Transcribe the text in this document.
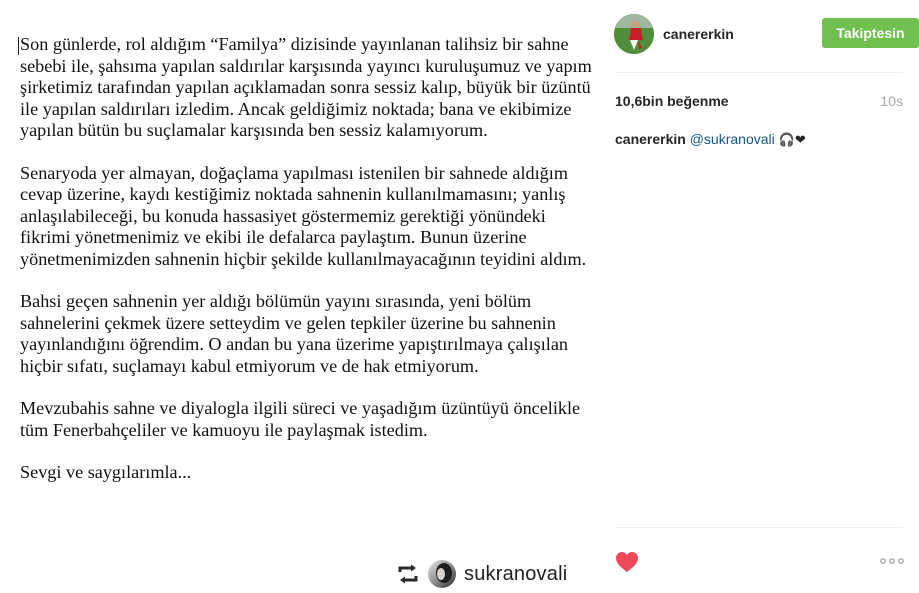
Son günlerde, rol aldığım “Familya” dizisinde yayınlanan talihsiz bir sahne sebebi ile, şahsıma yapılan saldırılar karşısında yayıncı kuruluşumuz ve yapım şirketimiz tarafından yapılan açıklamadan sonra sessiz kalıp, büyük bir üzüntü ile yapılan saldırıları izledim. Ancak geldiğimiz noktada; bana ve ekibimize yapılan bütün bu suçlamalar karşısında ben sessiz kalamıyorum.

Senaryoda yer almayan, doğaçlama yapılması istenilen bir sahnede aldığım cevap üzerine, kaydı kestiğimiz noktada sahnenin kullanılmamasını; yanlış anlaşılabileceği, bu konuda hassasiyet göstermemiz gerektiği yönündeki fikrimi yönetmenimiz ve ekibi ile defalarca paylaştım. Bunun üzerine yönetmenimizden sahnenin hiçbir şekilde kullanılmayacağının teyidini aldım.

Bahsi geçen sahnenin yer aldığı bölümün yayını sırasında, yeni bölüm sahnelerini çekmek üzere setteydim ve gelen tepkiler üzerine bu sahnenin yayınlandığını öğrendim. O andan bu yana üzerime yapıştırılmaya çalışılan hiçbir sıfatı, suçlamayı kabul etmiyorum ve de hak etmiyorum.

Mevzubahis sahne ve diyalogla ilgili süreci ve yaşadığım üzüntüyü öncelikle tüm Fenerbahçeliler ve kamuoyu ile paylaşmak istedim.

Sevgi ve saygılarımla...

sukranovali
canererkin	Takiptesin
10,6bin beğenme	10s
canererkin @sukranovali 🎧❤
